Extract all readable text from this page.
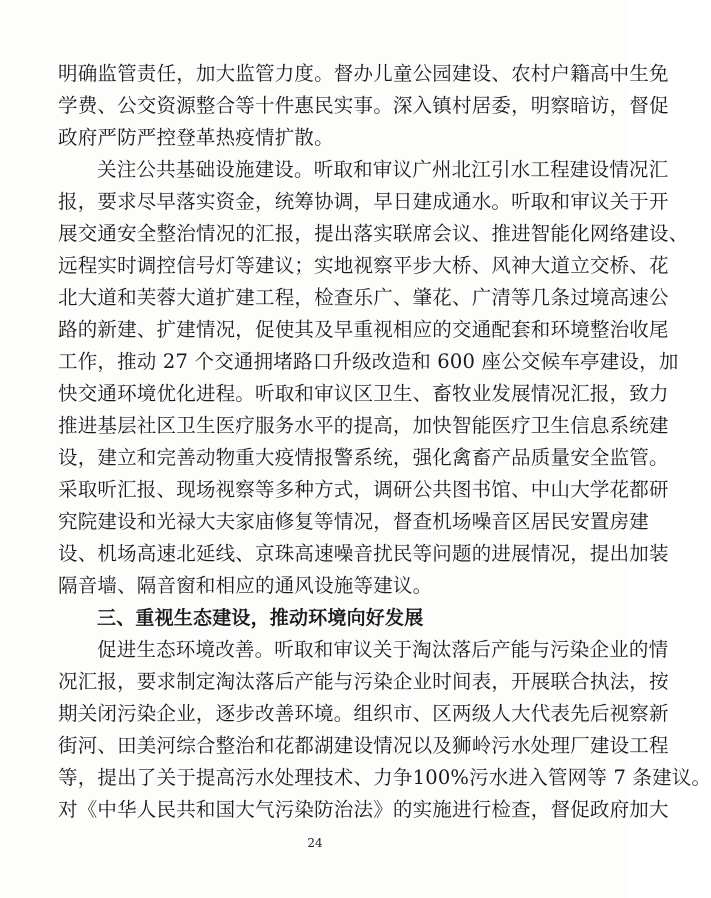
明确监管责任，加大监管力度。督办儿童公园建设、农村户籍高中生免
学费、公交资源整合等十件惠民实事。深入镇村居委，明察暗访，督促
政府严防严控登革热疫情扩散。
关注公共基础设施建设。听取和审议广州北江引水工程建设情况汇
报，要求尽早落实资金，统筹协调，早日建成通水。听取和审议关于开
展交通安全整治情况的汇报，提出落实联席会议、推进智能化网络建设、
远程实时调控信号灯等建议；实地视察平步大桥、风神大道立交桥、花
北大道和芙蓉大道扩建工程，检查乐广、肇花、广清等几条过境高速公
路的新建、扩建情况，促使其及早重视相应的交通配套和环境整治收尾
工作，推动 27 个交通拥堵路口升级改造和 600 座公交候车亭建设，加
快交通环境优化进程。听取和审议区卫生、畜牧业发展情况汇报，致力
推进基层社区卫生医疗服务水平的提高，加快智能医疗卫生信息系统建
设，建立和完善动物重大疫情报警系统，强化禽畜产品质量安全监管。
采取听汇报、现场视察等多种方式，调研公共图书馆、中山大学花都研
究院建设和光禄大夫家庙修复等情况，督查机场噪音区居民安置房建
设、机场高速北延线、京珠高速噪音扰民等问题的进展情况，提出加装
隔音墙、隔音窗和相应的通风设施等建议。
三、重视生态建设，推动环境向好发展
促进生态环境改善。听取和审议关于淘汰落后产能与污染企业的情
况汇报，要求制定淘汰落后产能与污染企业时间表，开展联合执法，按
期关闭污染企业，逐步改善环境。组织市、区两级人大代表先后视察新
街河、田美河综合整治和花都湖建设情况以及狮岭污水处理厂建设工程
等，提出了关于提高污水处理技术、力争100%污水进入管网等 7 条建议。
对《中华人民共和国大气污染防治法》的实施进行检查，督促政府加大
24
